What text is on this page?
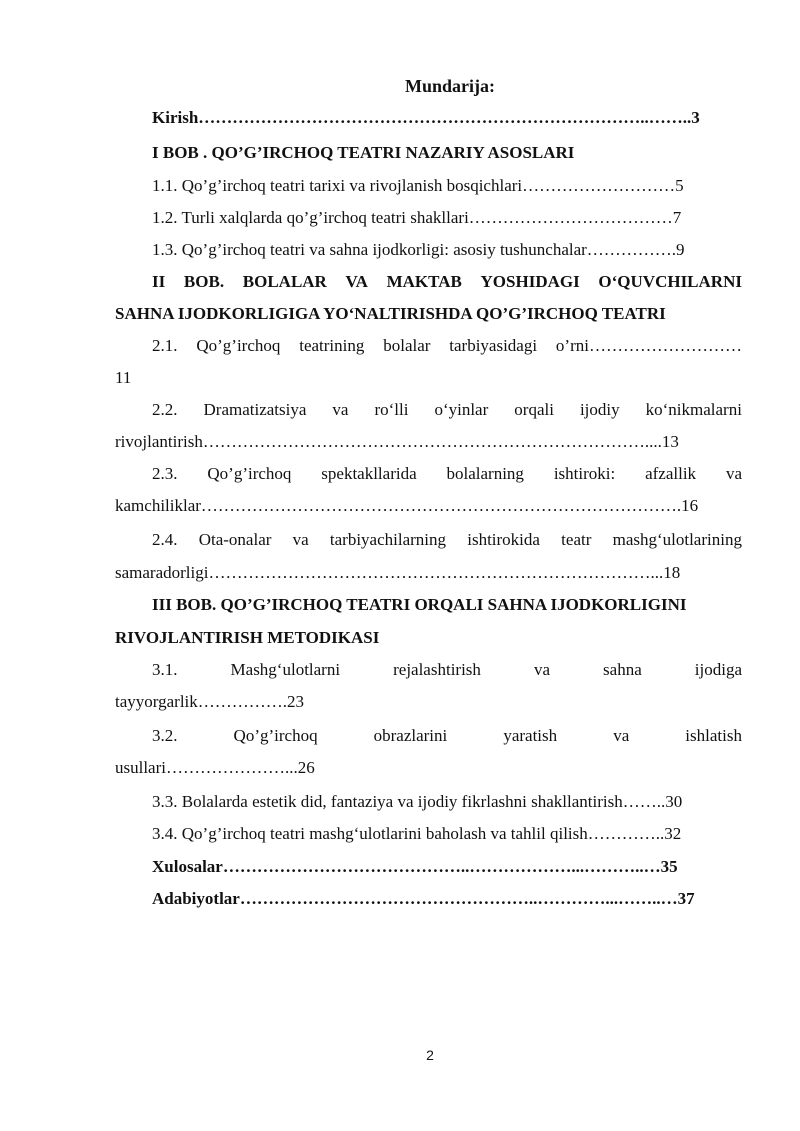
Mundarija:
Kirish……………………………………………………………………..……..3
I BOB . QO’G’IRCHOQ TEATRI NAZARIY ASOSLARI
1.1. Qo’g’irchoq teatri tarixi va rivojlanish bosqichlari………………………5
1.2. Turli xalqlarda qo’g’irchoq teatri shakllari………………………………7
1.3. Qo’g’irchoq teatri va sahna ijodkorligi: asosiy tushunchalar…………….9
II BOB. BOLALAR VA MAKTAB YOSHIDAGI O‘QUVCHILARNI
SAHNA IJODKORLIGIGA YO‘NALTIRISHDA QO’G’IRCHOQ TEATRI
2.1. Qo’g’irchoq teatrining bolalar tarbiyasidagi o’rni………………………
11
2.2. Dramatizatsiya va ro‘lli o‘yinlar orqali ijodiy ko‘nikmalarni
rivojlantirish……………………………………………………………………....13
2.3. Qo’g’irchoq spektakllarida bolalarning ishtiroki: afzallik va
kamchiliklar………………………………………………………………………….16
2.4. Ota-onalar va tarbiyachilarning ishtirokida teatr mashg‘ulotlarining
samaradorligi……………………………………………………………………...18
III BOB. QO’G’IRCHOQ TEATRI ORQALI SAHNA IJODKORLIGINI
RIVOJLANTIRISH METODIKASI
3.1.	Mashg‘ulotlarni	rejalashtirish	va	sahna	ijodiga
tayyorgarlik…………….23
3.2.	Qo’g’irchoq	obrazlarini	yaratish	va	ishlatish
usullari…………………...26
3.3. Bolalarda estetik did, fantaziya va ijodiy fikrlashni shakllantirish……..30
3.4. Qo’g’irchoq teatri mashg‘ulotlarini baholash va tahlil qilish…………..32
Xulosalar……………………………………..………………...………..…35
Adabiyotlar……………………………………………..…………...……..…37
2
